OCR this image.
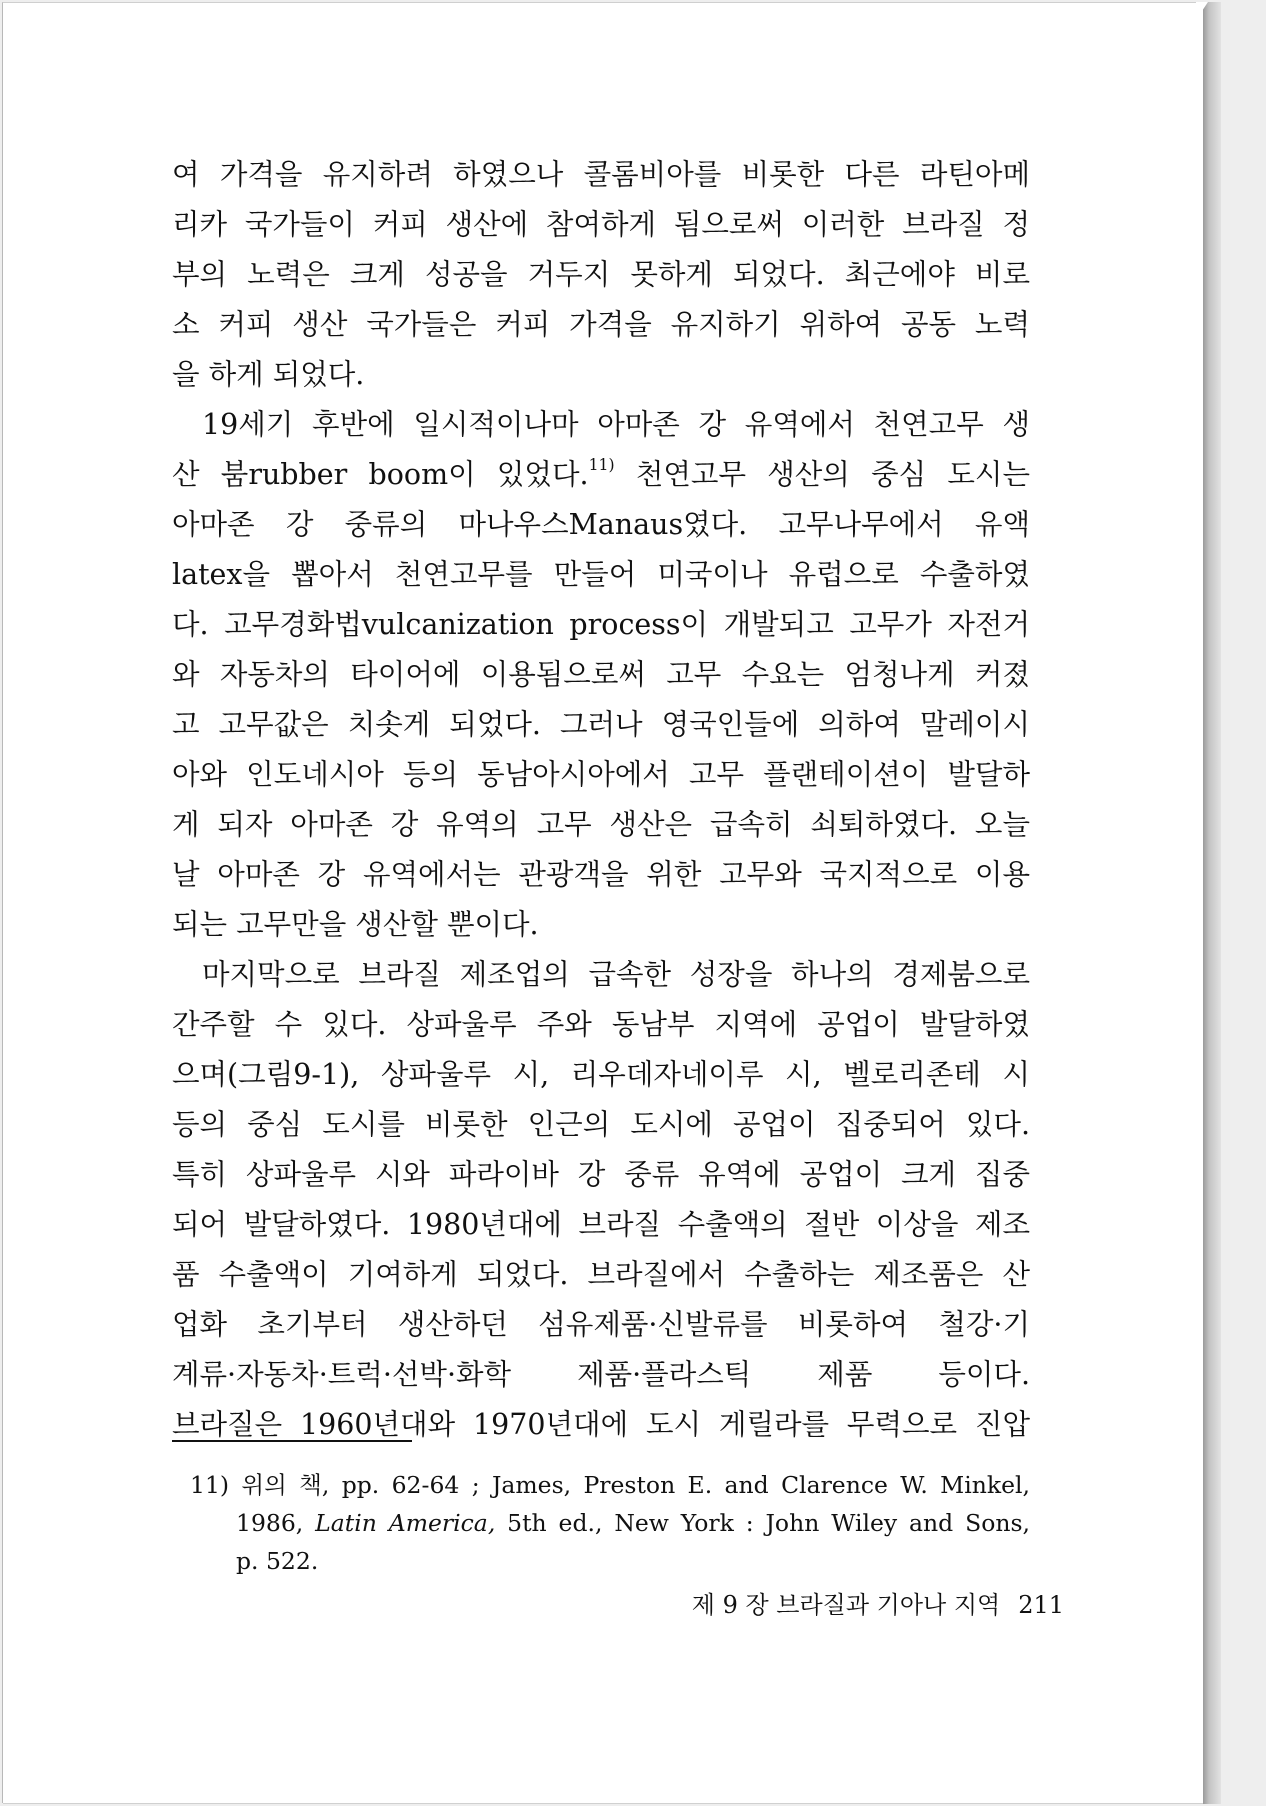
여 가격을 유지하려 하였으나 콜롬비아를 비롯한 다른 라틴아메
리카 국가들이 커피 생산에 참여하게 됨으로써 이러한 브라질 정
부의 노력은 크게 성공을 거두지 못하게 되었다. 최근에야 비로
소 커피 생산 국가들은 커피 가격을 유지하기 위하여 공동 노력
을 하게 되었다.
19세기 후반에 일시적이나마 아마존 강 유역에서 천연고무 생
산 붐rubber boom이 있었다.$^{11)}$ 천연고무 생산의 중심 도시는
아마존 강 중류의 마나우스Manaus였다. 고무나무에서 유액
latex을 뽑아서 천연고무를 만들어 미국이나 유럽으로 수출하였
다. 고무경화법vulcanization process이 개발되고 고무가 자전거
와 자동차의 타이어에 이용됨으로써 고무 수요는 엄청나게 커졌
고 고무값은 치솟게 되었다. 그러나 영국인들에 의하여 말레이시
아와 인도네시아 등의 동남아시아에서 고무 플랜테이션이 발달하
게 되자 아마존 강 유역의 고무 생산은 급속히 쇠퇴하였다. 오늘
날 아마존 강 유역에서는 관광객을 위한 고무와 국지적으로 이용
되는 고무만을 생산할 뿐이다.
마지막으로 브라질 제조업의 급속한 성장을 하나의 경제붐으로
간주할 수 있다. 상파울루 주와 동남부 지역에 공업이 발달하였
으며(그림9-1), 상파울루 시, 리우데자네이루 시, 벨로리존테 시
등의 중심 도시를 비롯한 인근의 도시에 공업이 집중되어 있다.
특히 상파울루 시와 파라이바 강 중류 유역에 공업이 크게 집중
되어 발달하였다. 1980년대에 브라질 수출액의 절반 이상을 제조
품 수출액이 기여하게 되었다. 브라질에서 수출하는 제조품은 산
업화 초기부터 생산하던 섬유제품·신발류를 비롯하여 철강·기
계류·자동차·트럭·선박·화학 제품·플라스틱 제품 등이다.
브라질은 1960년대와 1970년대에 도시 게릴라를 무력으로 진압
11) 위의 책, pp. 62-64 ; James, Preston E. and Clarence W. Minkel,
1986, Latin America, 5th ed., New York : John Wiley and Sons,
p. 522.
제 9 장 브라질과 기아나 지역 211
